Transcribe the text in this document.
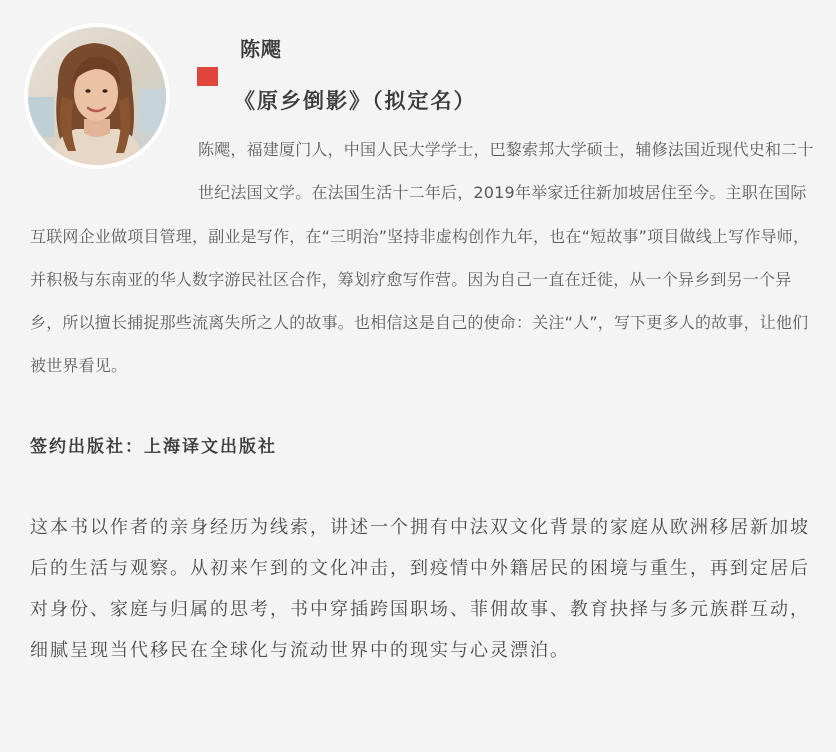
陈飔
《原乡倒影》（拟定名）

陈飔，福建厦门人，中国人民大学学士，巴黎索邦大学硕士，辅修法国近现代史和二十世纪法国文学。在法国生活十二年后，2019年举家迁往新加坡居住至今。主职在国际互联网企业做项目管理，副业是写作，在“三明治”坚持非虚构创作九年，也在“短故事”项目做线上写作导师，并积极与东南亚的华人数字游民社区合作，筹划疗愈写作营。因为自己一直在迁徙，从一个异乡到另一个异乡，所以擅长捕捉那些流离失所之人的故事。也相信这是自己的使命：关注“人”，写下更多人的故事，让他们被世界看见。

签约出版社：上海译文出版社

这本书以作者的亲身经历为线索，讲述一个拥有中法双文化背景的家庭从欧洲移居新加坡后的生活与观察。从初来乍到的文化冲击，到疫情中外籍居民的困境与重生，再到定居后对身份、家庭与归属的思考，书中穿插跨国职场、菲佣故事、教育抉择与多元族群互动，细腻呈现当代移民在全球化与流动世界中的现实与心灵漂泊。
